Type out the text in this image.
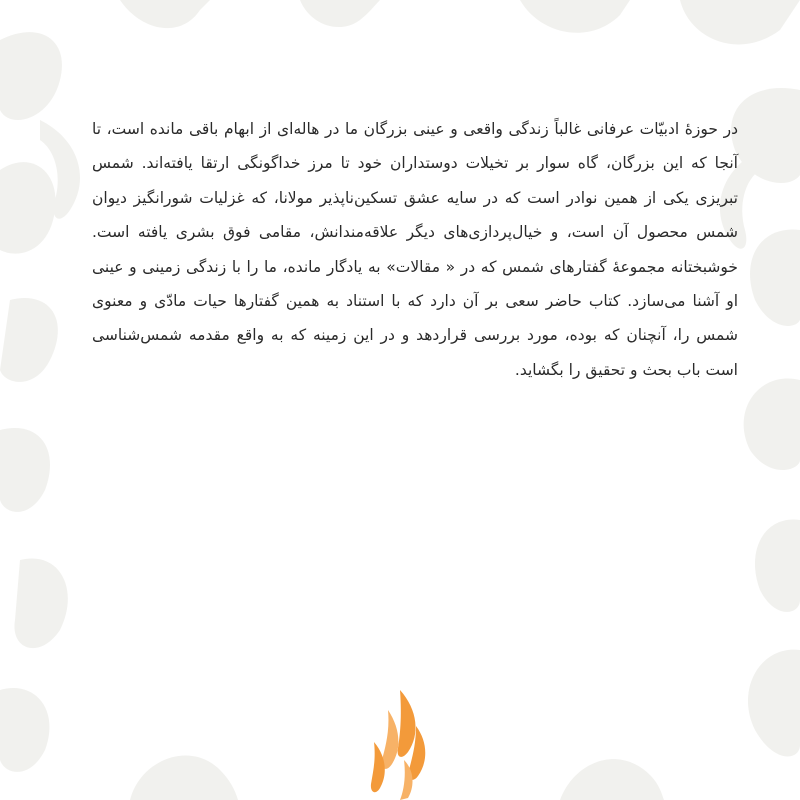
در حوزهٔ ادبیّات عرفانی غالباً زندگی واقعی و عینی بزرگان ما در هاله‌ای از ابهام باقی مانده است، تا آنجا که این بزرگان، گاه سوار بر تخیلات دوستداران خود تا مرز خداگونگی ارتقا یافته‌اند. شمس تبریزی یکی از همین نوادر است که در سایه عشق تسکین‌ناپذیر مولانا، که غزلیات شورانگیز دیوان شمس محصول آن است، و خیال‌پردازی‌های دیگر علاقه‌مندانش، مقامی فوق بشری یافته است. خوشبختانه مجموعهٔ گفتارهای شمس که در « مقالات» به یادگار مانده، ما را با زندگی زمینی و عینی او آشنا می‌سازد. کتاب حاضر سعی بر آن دارد که با استناد به همین گفتارها حیات مادّی و معنوی شمس را، آنچنان که بوده، مورد بررسی قراردهد و در این زمینه که به واقع مقدمه شمس‌شناسی است باب بحث و تحقیق را بگشاید.
